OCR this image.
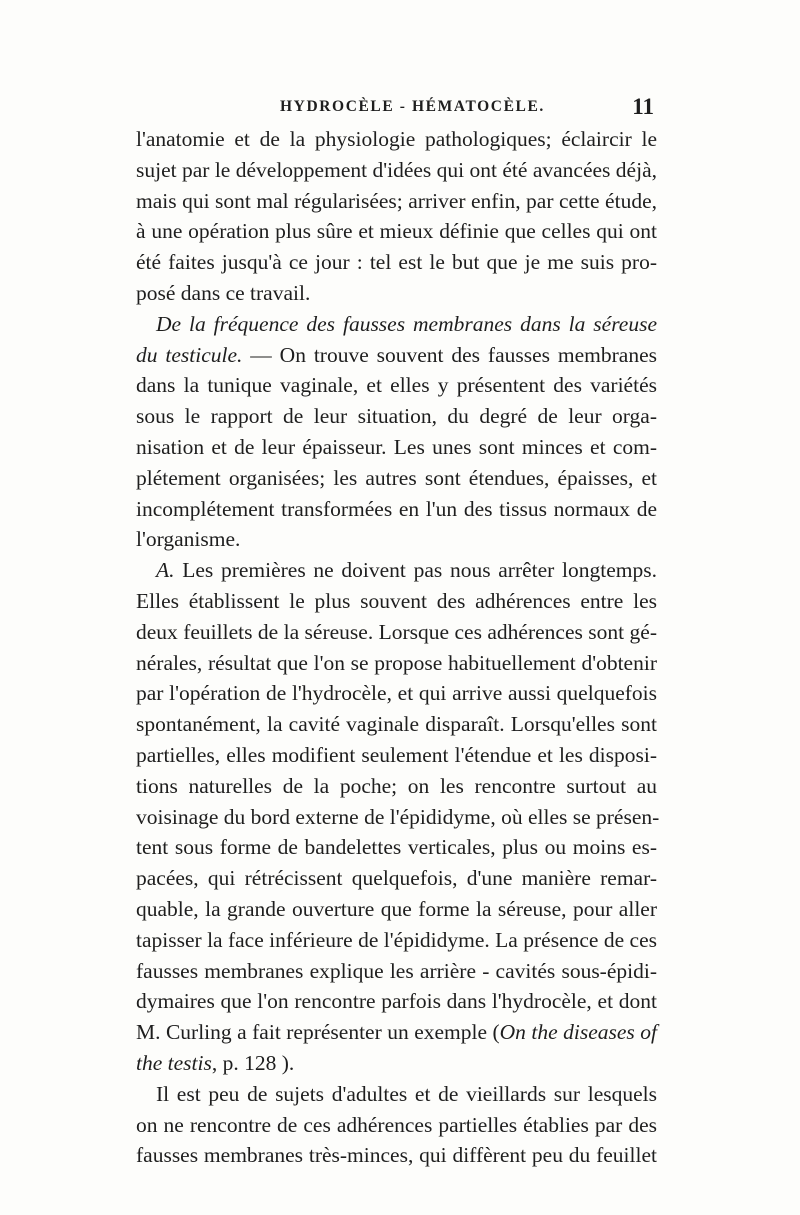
HYDROCÈLE - HÉMATOCÈLE.	11
l'anatomie et de la physiologie pathologiques; éclaircir le
sujet par le développement d'idées qui ont été avancées déjà,
mais qui sont mal régularisées; arriver enfin, par cette étude,
à une opération plus sûre et mieux définie que celles qui ont
été faites jusqu'à ce jour : tel est le but que je me suis pro-
posé dans ce travail.
De la fréquence des fausses membranes dans la séreuse
du testicule. — On trouve souvent des fausses membranes
dans la tunique vaginale, et elles y présentent des variétés
sous le rapport de leur situation, du degré de leur orga-
nisation et de leur épaisseur. Les unes sont minces et com-
plétement organisées; les autres sont étendues, épaisses, et
incomplétement transformées en l'un des tissus normaux de
l'organisme.
A. Les premières ne doivent pas nous arrêter longtemps.
Elles établissent le plus souvent des adhérences entre les
deux feuillets de la séreuse. Lorsque ces adhérences sont gé-
nérales, résultat que l'on se propose habituellement d'obtenir
par l'opération de l'hydrocèle, et qui arrive aussi quelquefois
spontanément, la cavité vaginale disparaît. Lorsqu'elles sont
partielles, elles modifient seulement l'étendue et les disposi-
tions naturelles de la poche; on les rencontre surtout au
voisinage du bord externe de l'épididyme, où elles se présen-
tent sous forme de bandelettes verticales, plus ou moins es-
pacées, qui rétrécissent quelquefois, d'une manière remar-
quable, la grande ouverture que forme la séreuse, pour aller
tapisser la face inférieure de l'épididyme. La présence de ces
fausses membranes explique les arrière - cavités sous-épidi-
dymaires que l'on rencontre parfois dans l'hydrocèle, et dont
M. Curling a fait représenter un exemple (On the diseases of
the testis, p. 128 ).
Il est peu de sujets d'adultes et de vieillards sur lesquels
on ne rencontre de ces adhérences partielles établies par des
fausses membranes très-minces, qui diffèrent peu du feuillet
